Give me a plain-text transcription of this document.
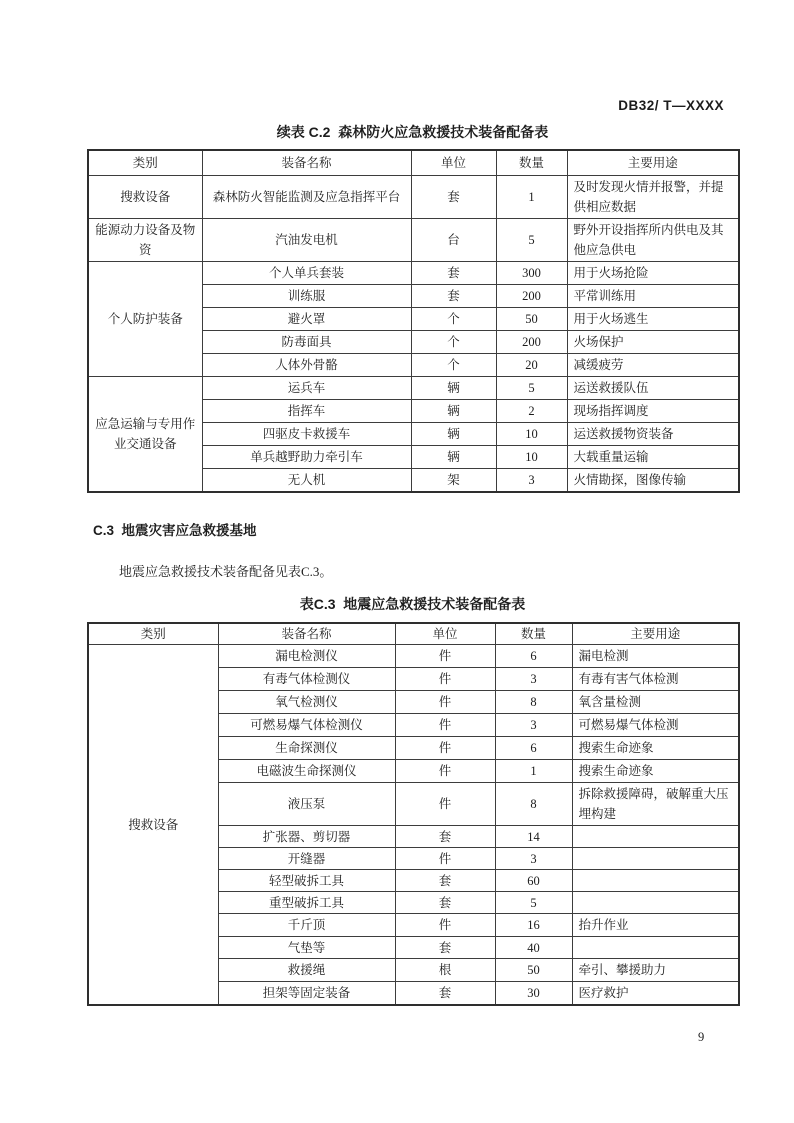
DB32/ T—XXXX
续表 C.2  森林防火应急救援技术装备配备表
类别	装备名称	单位	数量	主要用途
搜救设备	森林防火智能监测及应急指挥平台	套	1	及时发现火情并报警，并提供相应数据
能源动力设备及物资	汽油发电机	台	5	野外开设指挥所内供电及其他应急供电
个人防护装备	个人单兵套装	套	300	用于火场抢险
	训练服	套	200	平常训练用
	避火罩	个	50	用于火场逃生
	防毒面具	个	200	火场保护
	人体外骨骼	个	20	减缓疲劳
应急运输与专用作业交通设备	运兵车	辆	5	运送救援队伍
	指挥车	辆	2	现场指挥调度
	四驱皮卡救援车	辆	10	运送救援物资装备
	单兵越野助力牵引车	辆	10	大载重量运输
	无人机	架	3	火情勘探，图像传输
C.3  地震灾害应急救援基地
地震应急救援技术装备配备见表C.3。
表C.3  地震应急救援技术装备配备表
类别	装备名称	单位	数量	主要用途
搜救设备	漏电检测仪	件	6	漏电检测
	有毒气体检测仪	件	3	有毒有害气体检测
	氧气检测仪	件	8	氧含量检测
	可燃易爆气体检测仪	件	3	可燃易爆气体检测
	生命探测仪	件	6	搜索生命迹象
	电磁波生命探测仪	件	1	搜索生命迹象
	液压泵	件	8	拆除救援障碍，破解重大压埋构建
	扩张器、剪切器	套	14	
	开缝器	件	3	
	轻型破拆工具	套	60	
	重型破拆工具	套	5	
	千斤顶	件	16	抬升作业
	气垫等	套	40	
	救援绳	根	50	牵引、攀援助力
	担架等固定装备	套	30	医疗救护
9
